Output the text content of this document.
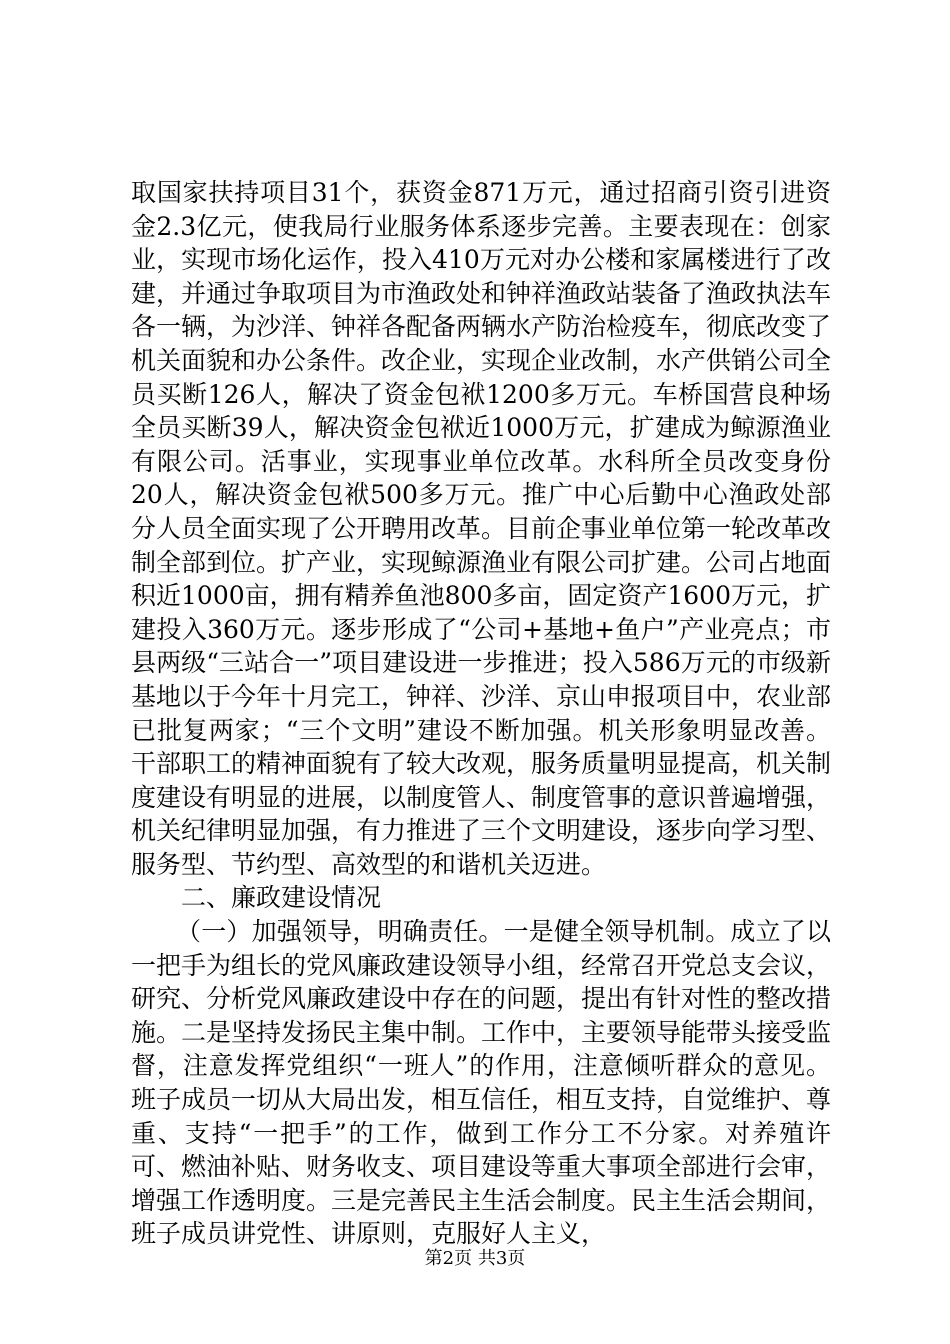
取国家扶持项目31个，获资金871万元，通过招商引资引进资金2.3亿元，使我局行业服务体系逐步完善。主要表现在：创家业，实现市场化运作，投入410万元对办公楼和家属楼进行了改建，并通过争取项目为市渔政处和钟祥渔政站装备了渔政执法车各一辆，为沙洋、钟祥各配备两辆水产防治检疫车，彻底改变了机关面貌和办公条件。改企业，实现企业改制，水产供销公司全员买断126人，解决了资金包袱1200多万元。车桥国营良种场全员买断39人，解决资金包袱近1000万元，扩建成为鲸源渔业有限公司。活事业，实现事业单位改革。水科所全员改变身份20人，解决资金包袱500多万元。推广中心后勤中心渔政处部分人员全面实现了公开聘用改革。目前企事业单位第一轮改革改制全部到位。扩产业，实现鲸源渔业有限公司扩建。公司占地面积近1000亩，拥有精养鱼池800多亩，固定资产1600万元，扩建投入360万元。逐步形成了“公司+基地+鱼户”产业亮点；市县两级“三站合一”项目建设进一步推进；投入586万元的市级新基地以于今年十月完工，钟祥、沙洋、京山申报项目中，农业部已批复两家；“三个文明”建设不断加强。机关形象明显改善。干部职工的精神面貌有了较大改观，服务质量明显提高，机关制度建设有明显的进展，以制度管人、制度管事的意识普遍增强，机关纪律明显加强，有力推进了三个文明建设，逐步向学习型、服务型、节约型、高效型的和谐机关迈进。

二、廉政建设情况

（一）加强领导，明确责任。一是健全领导机制。成立了以一把手为组长的党风廉政建设领导小组，经常召开党总支会议，研究、分析党风廉政建设中存在的问题，提出有针对性的整改措施。二是坚持发扬民主集中制。工作中，主要领导能带头接受监督，注意发挥党组织“一班人”的作用，注意倾听群众的意见。班子成员一切从大局出发，相互信任，相互支持，自觉维护、尊重、支持“一把手”的工作，做到工作分工不分家。对养殖许可、燃油补贴、财务收支、项目建设等重大事项全部进行会审，增强工作透明度。三是完善民主生活会制度。民主生活会期间，班子成员讲党性、讲原则，克服好人主义，

第2页 共3页
